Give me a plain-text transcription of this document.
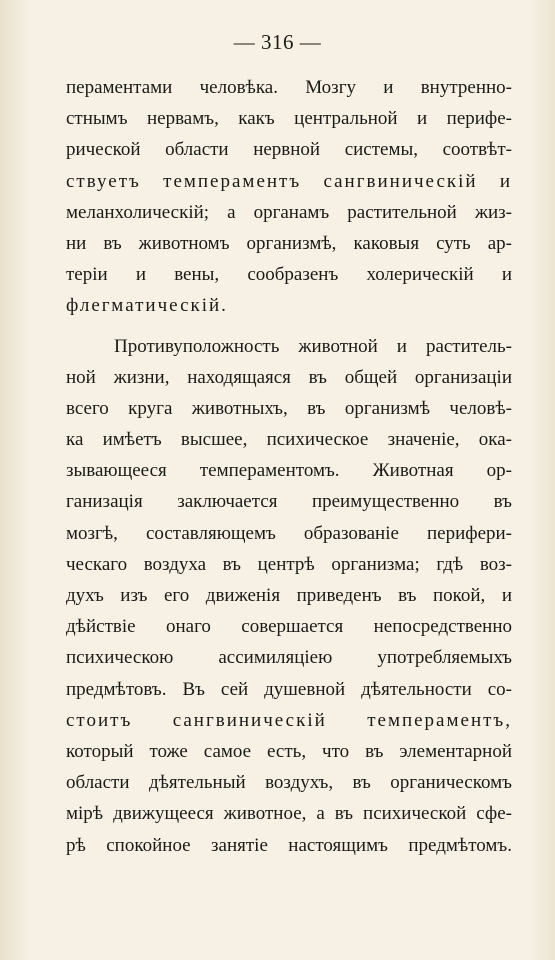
— 316 —
пераментами человѣка. Мозгу и внутренно-
стнымъ нервамъ, какъ центральной и перифе-
рической области нервной системы, соотвѣт-
ствуетъ темпераментъ сангвиническій и
меланхолическій; а органамъ растительной жиз-
ни въ животномъ организмѣ, каковыя суть ар-
теріи и вены, сообразенъ холерическій и
флегматическій.
Противуположность животной и раститель-
ной жизни, находящаяся въ общей организаціи
всего круга животныхъ, въ организмѣ человѣ-
ка имѣетъ высшее, психическое значеніе, ока-
зывающееся темпераментомъ. Животная ор-
ганизація заключается преимущественно въ
мозгѣ, составляющемъ образованіе перифери-
ческаго воздуха въ центрѣ организма; гдѣ воз-
духъ изъ его движенія приведенъ въ покой, и
дѣйствіе онаго совершается непосредственно
психическою ассимиляціею употребляемыхъ
предмѣтовъ. Въ сей душевной дѣятельности со-
стоитъ сангвиническій темпераментъ,
который тоже самое есть, что въ элементарной
области дѣятельный воздухъ, въ органическомъ
мірѣ движущееся животное, а въ психической сфе-
рѣ спокойное занятіе настоящимъ предмѣтомъ.
